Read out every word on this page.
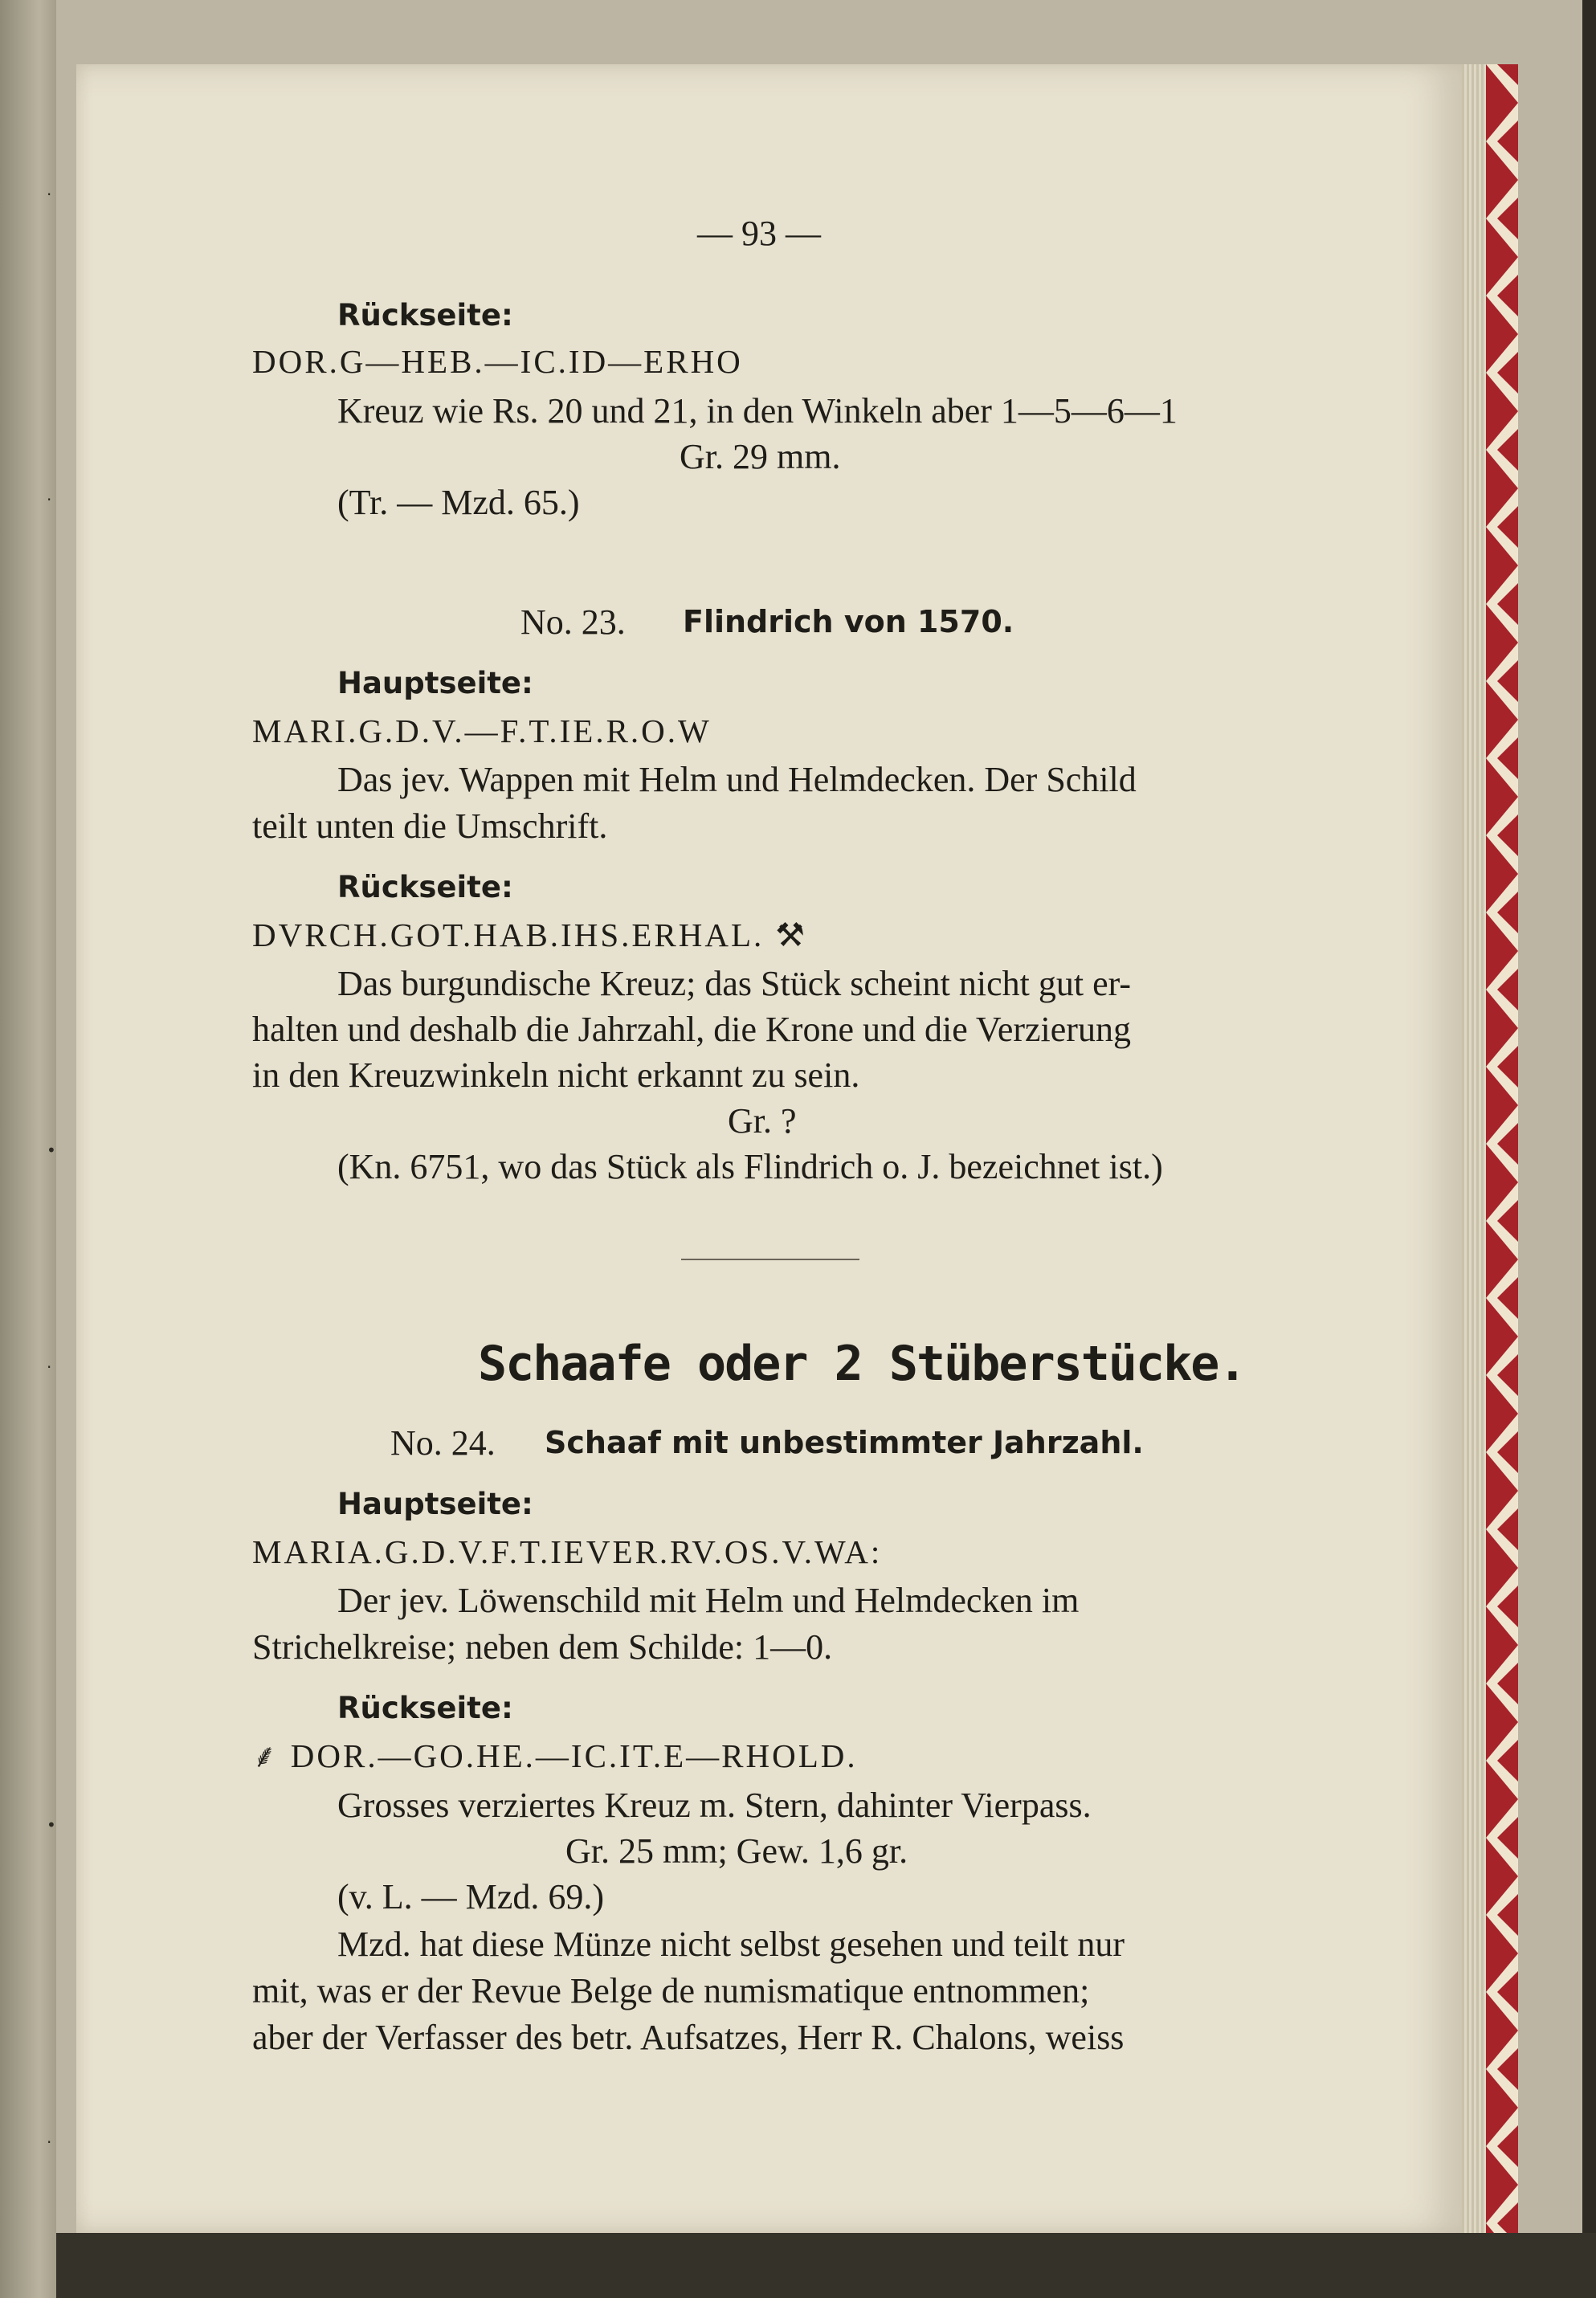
·
·
•
·
•
·

— 93 —

Rückseite:

DOR.G—HEB.—IC.ID—ERHO

Kreuz wie Rs. 20 und 21, in den Winkeln aber 1—5—6—1

Gr. 29 mm.

(Tr. — Mzd. 65.)

No. 23. Flindrich von 1570.

Hauptseite:

MARI.G.D.V.—F.T.IE.R.O.W

Das jev. Wappen mit Helm und Helmdecken. Der Schild

teilt unten die Umschrift.

Rückseite:

DVRCH.GOT.HAB.IHS.ERHAL. ⚒

Das burgundische Kreuz; das Stück scheint nicht gut er-

halten und deshalb die Jahrzahl, die Krone und die Verzierung

in den Kreuzwinkeln nicht erkannt zu sein.

Gr. ?

(Kn. 6751, wo das Stück als Flindrich o. J. bezeichnet ist.)

Schaafe oder 2 Stüberstücke.

No. 24. Schaaf mit unbestimmter Jahrzahl.

Hauptseite:

MARIA.G.D.V.F.T.IEVER.RV.OS.V.WA:

Der jev. Löwenschild mit Helm und Helmdecken im

Strichelkreise; neben dem Schilde: 1—0.

Rückseite:

⸙ DOR.—GO.HE.—IC.IT.E—RHOLD.

Grosses verziertes Kreuz m. Stern, dahinter Vierpass.

Gr. 25 mm; Gew. 1,6 gr.

(v. L. — Mzd. 69.)

Mzd. hat diese Münze nicht selbst gesehen und teilt nur

mit, was er der Revue Belge de numismatique entnommen;

aber der Verfasser des betr. Aufsatzes, Herr R. Chalons, weiss
